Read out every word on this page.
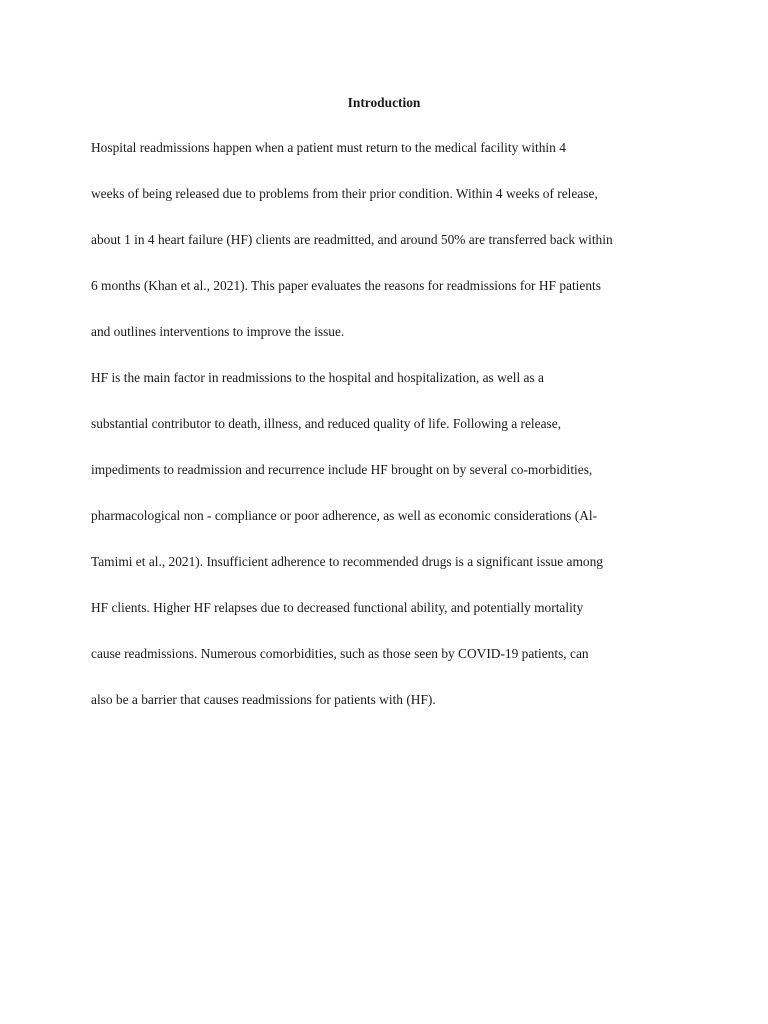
Introduction

Hospital readmissions happen when a patient must return to the medical facility within 4

weeks of being released due to problems from their prior condition. Within 4 weeks of release,

about 1 in 4 heart failure (HF) clients are readmitted, and around 50% are transferred back within

6 months (Khan et al., 2021). This paper evaluates the reasons for readmissions for HF patients

and outlines interventions to improve the issue.

HF is the main factor in readmissions to the hospital and hospitalization, as well as a

substantial contributor to death, illness, and reduced quality of life. Following a release,

impediments to readmission and recurrence include HF brought on by several co-morbidities,

pharmacological non - compliance or poor adherence, as well as economic considerations (Al-

Tamimi et al., 2021). Insufficient adherence to recommended drugs is a significant issue among

HF clients. Higher HF relapses due to decreased functional ability, and potentially mortality

cause readmissions. Numerous comorbidities, such as those seen by COVID-19 patients, can

also be a barrier that causes readmissions for patients with (HF).
